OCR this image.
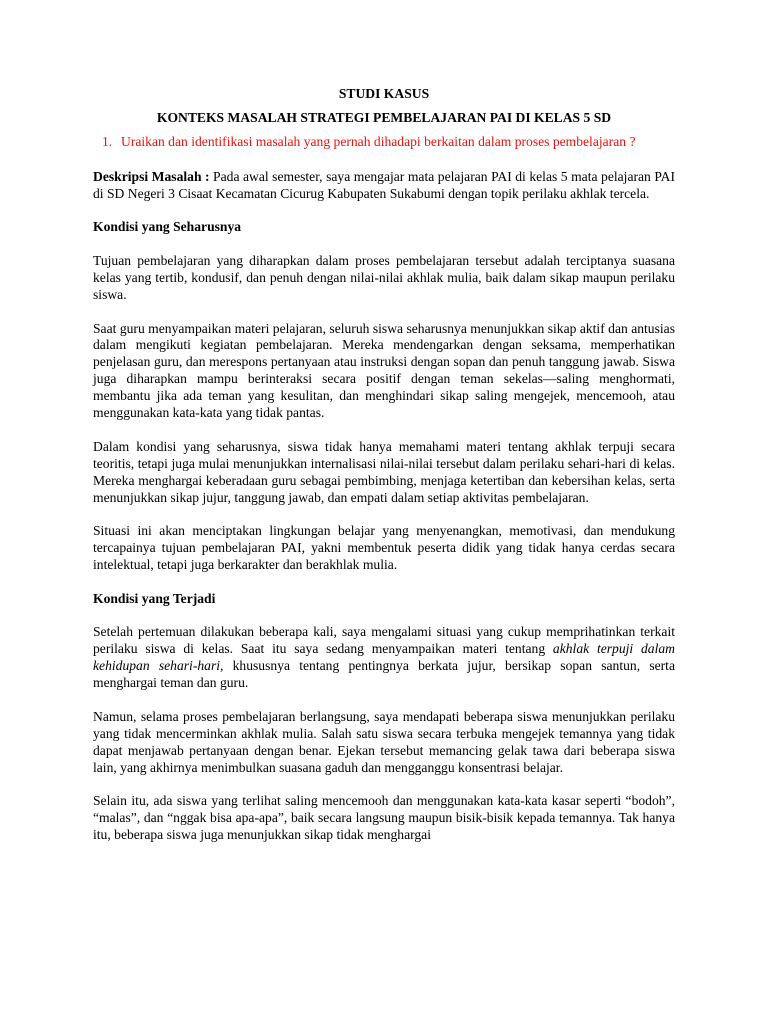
STUDI KASUS
KONTEKS MASALAH STRATEGI PEMBELAJARAN PAI DI KELAS 5 SD
1. Uraikan dan identifikasi masalah yang pernah dihadapi berkaitan dalam proses pembelajaran ?

Deskripsi Masalah : Pada awal semester, saya mengajar mata pelajaran PAI di kelas 5 mata pelajaran PAI di SD Negeri 3 Cisaat Kecamatan Cicurug Kabupaten Sukabumi dengan topik perilaku akhlak tercela.

Kondisi yang Seharusnya

Tujuan pembelajaran yang diharapkan dalam proses pembelajaran tersebut adalah terciptanya suasana kelas yang tertib, kondusif, dan penuh dengan nilai-nilai akhlak mulia, baik dalam sikap maupun perilaku siswa.

Saat guru menyampaikan materi pelajaran, seluruh siswa seharusnya menunjukkan sikap aktif dan antusias dalam mengikuti kegiatan pembelajaran. Mereka mendengarkan dengan seksama, memperhatikan penjelasan guru, dan merespons pertanyaan atau instruksi dengan sopan dan penuh tanggung jawab. Siswa juga diharapkan mampu berinteraksi secara positif dengan teman sekelas—saling menghormati, membantu jika ada teman yang kesulitan, dan menghindari sikap saling mengejek, mencemooh, atau menggunakan kata-kata yang tidak pantas.

Dalam kondisi yang seharusnya, siswa tidak hanya memahami materi tentang akhlak terpuji secara teoritis, tetapi juga mulai menunjukkan internalisasi nilai-nilai tersebut dalam perilaku sehari-hari di kelas. Mereka menghargai keberadaan guru sebagai pembimbing, menjaga ketertiban dan kebersihan kelas, serta menunjukkan sikap jujur, tanggung jawab, dan empati dalam setiap aktivitas pembelajaran.

Situasi ini akan menciptakan lingkungan belajar yang menyenangkan, memotivasi, dan mendukung tercapainya tujuan pembelajaran PAI, yakni membentuk peserta didik yang tidak hanya cerdas secara intelektual, tetapi juga berkarakter dan berakhlak mulia.

Kondisi yang Terjadi

Setelah pertemuan dilakukan beberapa kali, saya mengalami situasi yang cukup memprihatinkan terkait perilaku siswa di kelas. Saat itu saya sedang menyampaikan materi tentang akhlak terpuji dalam kehidupan sehari-hari, khususnya tentang pentingnya berkata jujur, bersikap sopan santun, serta menghargai teman dan guru.

Namun, selama proses pembelajaran berlangsung, saya mendapati beberapa siswa menunjukkan perilaku yang tidak mencerminkan akhlak mulia. Salah satu siswa secara terbuka mengejek temannya yang tidak dapat menjawab pertanyaan dengan benar. Ejekan tersebut memancing gelak tawa dari beberapa siswa lain, yang akhirnya menimbulkan suasana gaduh dan mengganggu konsentrasi belajar.

Selain itu, ada siswa yang terlihat saling mencemooh dan menggunakan kata-kata kasar seperti “bodoh”, “malas”, dan “nggak bisa apa-apa”, baik secara langsung maupun bisik-bisik kepada temannya. Tak hanya itu, beberapa siswa juga menunjukkan sikap tidak menghargai
